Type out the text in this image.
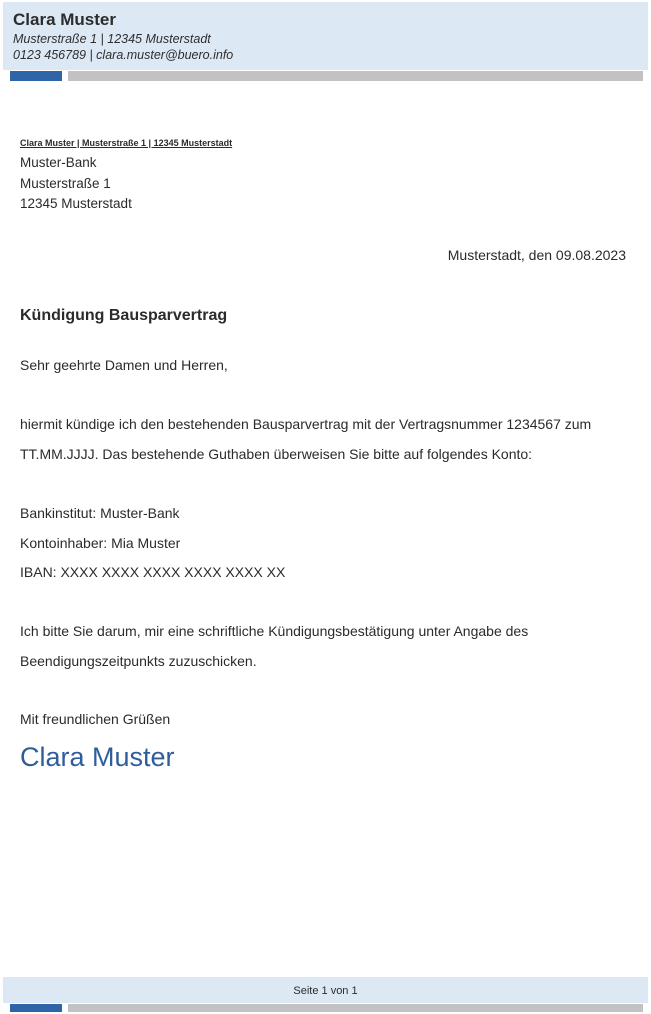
Clara Muster
Musterstraße 1 | 12345 Musterstadt
0123 456789 | clara.muster@buero.info
Clara Muster | Musterstraße 1 | 12345 Musterstadt
Muster-Bank
Musterstraße 1
12345 Musterstadt
Musterstadt, den 09.08.2023
Kündigung Bausparvertrag
Sehr geehrte Damen und Herren,
hiermit kündige ich den bestehenden Bausparvertrag mit der Vertragsnummer 1234567 zum TT.MM.JJJJ. Das bestehende Guthaben überweisen Sie bitte auf folgendes Konto:
Bankinstitut: Muster-Bank
Kontoinhaber: Mia Muster
IBAN: XXXX XXXX XXXX XXXX XXXX XX
Ich bitte Sie darum, mir eine schriftliche Kündigungsbestätigung unter Angabe des Beendigungszeitpunkts zuzuschicken.
Mit freundlichen Grüßen
Clara Muster
Seite 1 von 1
